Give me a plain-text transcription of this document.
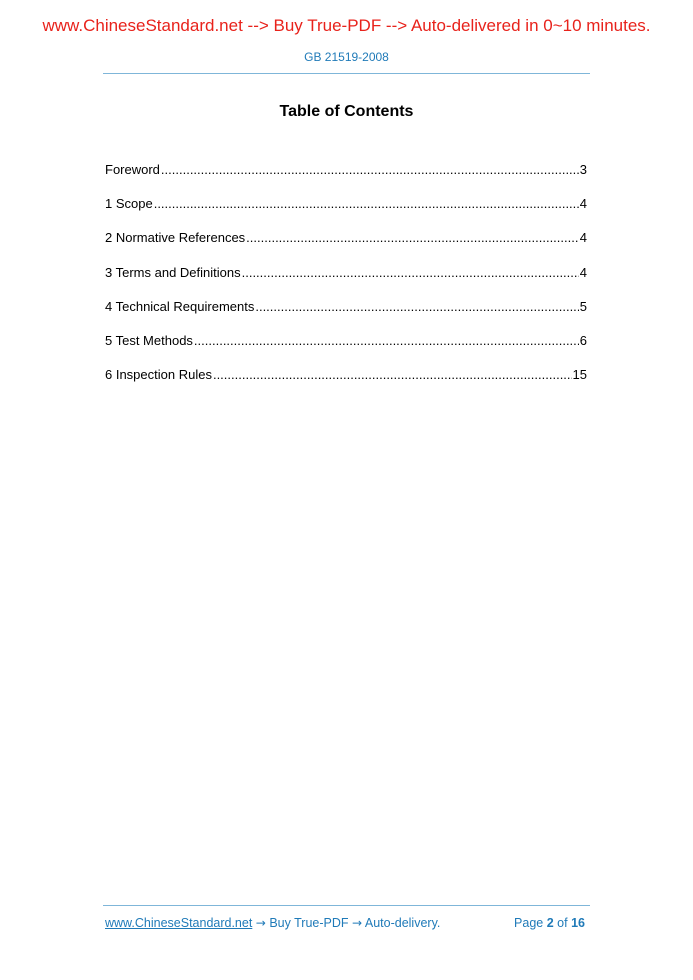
www.ChineseStandard.net --> Buy True-PDF --> Auto-delivered in 0~10 minutes.
GB 21519-2008
Table of Contents
Foreword .....	3
1 Scope .....	4
2 Normative References .....	4
3 Terms and Definitions .....	4
4 Technical Requirements .....	5
5 Test Methods .....	6
6 Inspection Rules .....	15
www.ChineseStandard.net → Buy True-PDF → Auto-delivery.	Page 2 of 16
